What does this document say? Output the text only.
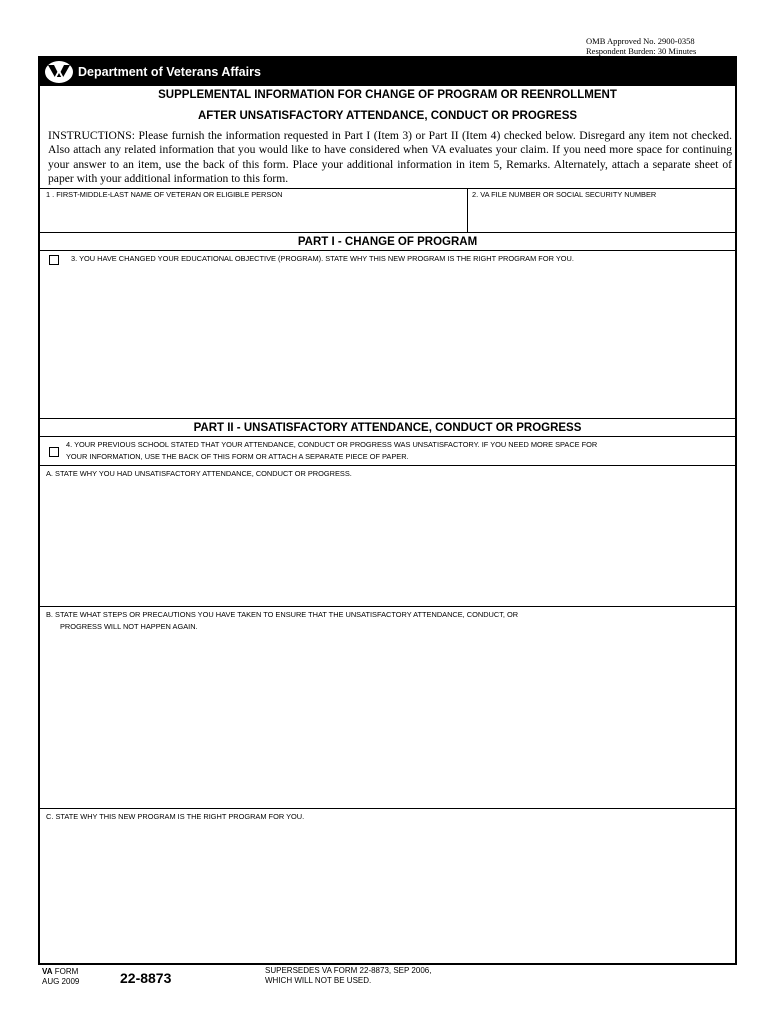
OMB Approved No. 2900-0358
Respondent Burden: 30 Minutes
Department of Veterans Affairs
SUPPLEMENTAL INFORMATION FOR CHANGE OF PROGRAM OR REENROLLMENT
AFTER UNSATISFACTORY ATTENDANCE, CONDUCT OR PROGRESS
INSTRUCTIONS: Please furnish the information requested in Part I (Item 3) or Part II (Item 4) checked below. Disregard any item not checked. Also attach any related information that you would like to have considered when VA evaluates your claim. If you need more space for continuing your answer to an item, use the back of this form. Place your additional information in item 5, Remarks. Alternately, attach a separate sheet of paper with your additional information to this form.
1 . FIRST-MIDDLE-LAST NAME OF VETERAN OR ELIGIBLE PERSON	2. VA FILE NUMBER OR SOCIAL SECURITY NUMBER
PART I - CHANGE OF PROGRAM
3. YOU HAVE CHANGED YOUR EDUCATIONAL OBJECTIVE (PROGRAM). STATE WHY THIS NEW PROGRAM IS THE RIGHT PROGRAM FOR YOU.
PART II - UNSATISFACTORY ATTENDANCE, CONDUCT OR PROGRESS
4. YOUR PREVIOUS SCHOOL STATED THAT YOUR ATTENDANCE, CONDUCT OR PROGRESS WAS UNSATISFACTORY. IF YOU NEED MORE SPACE FOR
YOUR INFORMATION, USE THE BACK OF THIS FORM OR ATTACH A SEPARATE PIECE OF PAPER.
A. STATE WHY YOU HAD UNSATISFACTORY ATTENDANCE, CONDUCT OR PROGRESS.
B. STATE WHAT STEPS OR PRECAUTIONS YOU HAVE TAKEN TO ENSURE THAT THE UNSATISFACTORY ATTENDANCE, CONDUCT, OR
PROGRESS WILL NOT HAPPEN AGAIN.
C. STATE WHY THIS NEW PROGRAM IS THE RIGHT PROGRAM FOR YOU.
VA FORM
AUG 2009	22-8873	SUPERSEDES VA FORM 22-8873, SEP 2006,
WHICH WILL NOT BE USED.
